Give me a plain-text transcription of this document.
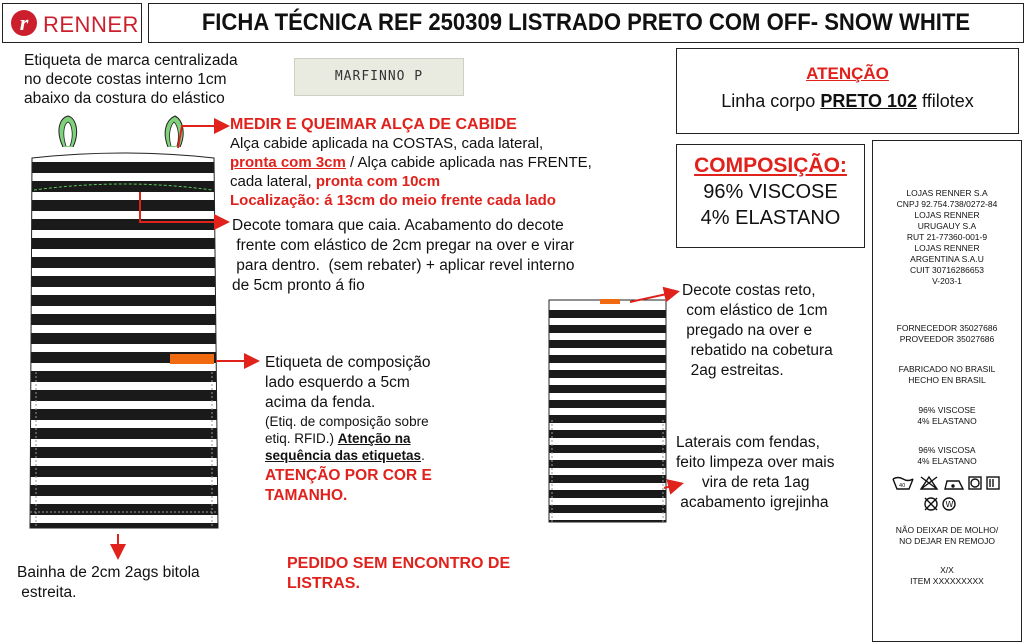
r RENNER	FICHA TÉCNICA REF 250309 LISTRADO PRETO COM OFF- SNOW WHITE
Etiqueta de marca centralizada
no decote costas interno 1cm
abaixo da costura do elástico
MARFINNO P
MEDIR E QUEIMAR ALÇA DE CABIDE
Alça cabide aplicada na COSTAS, cada lateral,
pronta com 3cm / Alça cabide aplicada nas FRENTE,
cada lateral, pronta com 10cm
Localização: á 13cm do meio frente cada lado
Decote tomara que caia. Acabamento do decote
frente com elástico de 2cm pregar na over e virar
para dentro.  (sem rebater) + aplicar revel interno
de 5cm pronto á fio
Etiqueta de composição
lado esquerdo a 5cm
acima da fenda.
(Etiq. de composição sobre
etiq. RFID.) Atenção na
sequência das etiquetas.
ATENÇÃO POR COR E
TAMANHO.
Bainha de 2cm 2ags bitola
estreita.
PEDIDO SEM ENCONTRO DE
LISTRAS.
ATENÇÃO
Linha corpo PRETO 102 ffilotex
COMPOSIÇÃO:
96% VISCOSE
4% ELASTANO
Decote costas reto,
com elástico de 1cm
pregado na over e
rebatido na cobetura
2ag estreitas.
Laterais com fendas,
feito limpeza over mais
vira de reta 1ag
acabamento igrejinha
LOJAS RENNER S.A
CNPJ 92.754.738/0272-84
LOJAS RENNER
URUGAUY S.A
RUT 21-77360-001-9
LOJAS RENNER
ARGENTINA S.A.U
CUIT 30716286653
V-203-1
FORNECEDOR 35027686
PROVEEDOR 35027686
FABRICADO NO BRASIL
HECHO EN BRASIL
96% VISCOSE
4% ELASTANO
96% VISCOSA
4% ELASTANO
40
W
NÃO DEIXAR DE MOLHO/
NO DEJAR EN REMOJO
X/X
ITEM XXXXXXXXX
